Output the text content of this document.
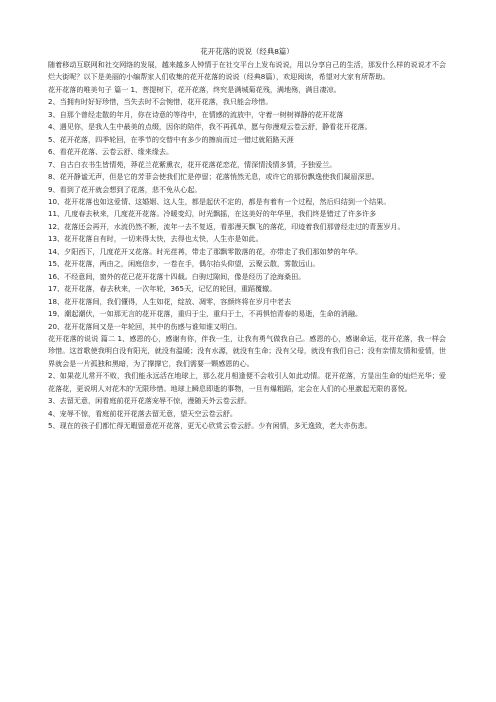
花开花落的说说（经典8篇）

随着移动互联网和社交网络的发展，越来越多人钟情于在社交平台上发布说说，用以分享自己的生活，那发什么样的说说才不会烂大街呢？以下是美丽的小编帮家人们收集的花开花落的说说（经典8篇），欢迎阅读，希望对大家有所帮助。

花开花落的唯美句子 篇一 1、菩提树下，花开花落，终究是满城菊花残，满地殇，满目凄凉。

2、当拥有时好好珍惜，当失去时不会惋惜，花开花落，我只能会珍惜。

3、自那个曾经走散的年月，你在诗意的等待中，在情感的流放中，守着一树树禅静的花开花落

4、遇见你，是我人生中最美的点缀，因你的陪伴，我不再孤单，愿与你漫观云卷云舒，静看花开花落。

5、花开花落，四季轮回，在季节的交替中有多少的擦肩而过一错过就陌路天涯

6、看花开花落、云卷云舒、缘来缘去。

7、自古白衣书生皆情苑，莽花兰花紫熏衣，花开花落花恋花，情深情浅情多情，予独爱兰。

8、花开静谧无声，但是它的芳菲会使我们忙是停留；花落悄然无息，或许它的那份飘逸使我们凝眉深思。

9、看到了花开就会想到了花落，悲不免从心起。

10、花开花落也如这爱情、这婚姻、这人生，都是起伏不定的，都是有着有一个过程，然后归结到一个结果。

11、几度春去秋来，几度花开花落。冷暖变幻，时光飘摇，在这美好的年华里，我们终是错过了许多许多

12、花落还会再开，水流仍然不断，流年一去不复返，看那漫天飘飞的落花，印迹着我们那曾经走过的青葱岁月。

13、花开花落自有时，一切来得太快，去得也太快，人生亦是如此。

14、夕阳西下，几度花开又花落。时光荏苒，带走了那飘零散落的花，亦带走了我们那如梦的年华。

15、花开花落，两由之，闲庭信步，一卷在手，偶尔抬头仰望，云聚云散，雾散远山。

16、不经意间，窗外的花已花开花落十四载。白驹过隙间，像是经历了沧海桑田。

17、花开花落，春去秋来，一次年轮，365天，记忆的轮回，重蹈覆辙。

18、花开花落间，我们懂得，人生如花，绽放、凋零，容颜终将在岁月中老去

19、潮起潮伏，一如那无言的花开花落，重归于尘，重归于土，不再惧怕青春的易逝，生命的消融。

20、花开花落间又是一年轮回，其中的伤感与谁知谁又明白。

花开花落的说说 篇二 1、感恩的心，感谢有你，伴我一生，让我有勇气做我自己。感恩的心，感谢命运，花开花落，我一样会珍惜。这首歌使我明白没有阳光，就没有温暖；没有水源，就没有生命；没有父母，就没有我们自己；没有亲情友情和爱情，世界就会是一片孤独和黑暗，为了撑撑它，我们需要一颗感恩的心。

2、如果花儿常开不败，我们能永远活在地球上，那么花月相逢便不会收引人如此动情。花开花落，方显出生命的灿烂光华；爱花落花，更说明人对花木的'无限珍惜。地球上瞬息即逝的事物，一旦有爆粗蹈，定会在人们的心里激起无限的喜悦。

3、去留无意，闲看庭前花开花落宠辱不惊，漫随天外云卷云舒。

4、宠辱不惊，看庭前花开花落去留无意，望天空云卷云舒。

5、现在的孩子们都忙得无暇留意花开花落，更无心欣赏云卷云舒。少有闲情，多无逸致，老大亦伤悲。
